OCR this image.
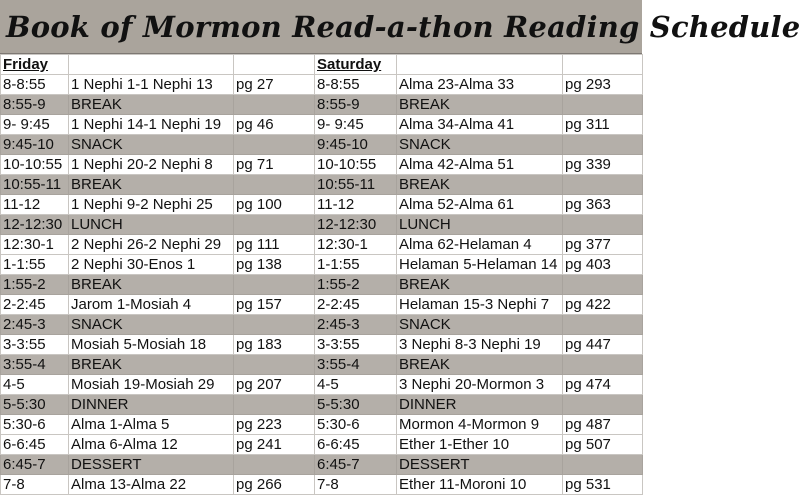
Book of Mormon Read-a-thon Reading Schedule
Friday			Saturday		
8-8:55	1 Nephi 1-1 Nephi 13	pg 27	8-8:55	Alma 23-Alma 33	pg 293
8:55-9	BREAK		8:55-9	BREAK	
9- 9:45	1 Nephi 14-1 Nephi 19	pg 46	9- 9:45	Alma 34-Alma 41	pg 311
9:45-10	SNACK		9:45-10	SNACK	
10-10:55	1 Nephi 20-2 Nephi 8	pg 71	10-10:55	Alma 42-Alma 51	pg 339
10:55-11	BREAK		10:55-11	BREAK	
11-12	1 Nephi 9-2 Nephi 25	pg 100	11-12	Alma 52-Alma 61	pg 363
12-12:30	LUNCH		12-12:30	LUNCH	
12:30-1	2 Nephi 26-2 Nephi 29	pg 111	12:30-1	Alma 62-Helaman 4	pg 377
1-1:55	2 Nephi 30-Enos 1	pg 138	1-1:55	Helaman 5-Helaman 14	pg 403
1:55-2	BREAK		1:55-2	BREAK	
2-2:45	Jarom 1-Mosiah 4	pg 157	2-2:45	Helaman 15-3 Nephi 7	pg 422
2:45-3	SNACK		2:45-3	SNACK	
3-3:55	Mosiah 5-Mosiah 18	pg 183	3-3:55	3 Nephi 8-3 Nephi 19	pg 447
3:55-4	BREAK		3:55-4	BREAK	
4-5	Mosiah 19-Mosiah 29	pg 207	4-5	3 Nephi 20-Mormon 3	pg 474
5-5:30	DINNER		5-5:30	DINNER	
5:30-6	Alma 1-Alma 5	pg 223	5:30-6	Mormon 4-Mormon 9	pg 487
6-6:45	Alma 6-Alma 12	pg 241	6-6:45	Ether 1-Ether 10	pg 507
6:45-7	DESSERT		6:45-7	DESSERT	
7-8	Alma 13-Alma 22	pg 266	7-8	Ether 11-Moroni 10	pg 531
